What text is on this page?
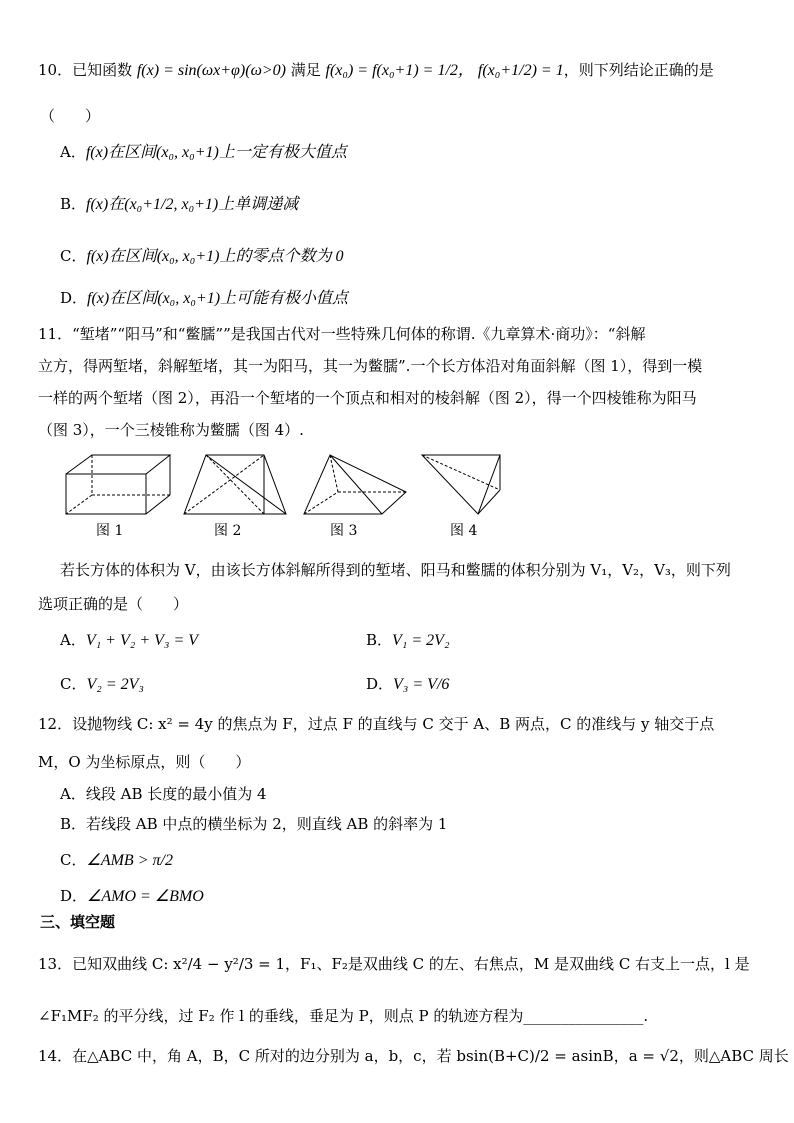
10．已知函数 f(x) = sin(ωx+φ)(ω>0) 满足 f(x₀) = f(x₀+1) = 1/2， f(x₀+1/2) = 1，则下列结论正确的是
（　　）
A．f(x)在区间(x₀, x₀+1)上一定有极大值点
B．f(x)在(x₀+1/2, x₀+1)上单调递减
C．f(x)在区间(x₀, x₀+1)上的零点个数为 0
D．f(x)在区间(x₀, x₀+1)上可能有极小值点
11．“堑堵”“阳马”和“鳖臑””是我国古代对一些特殊几何体的称谓.《九章算术·商功》：“斜解
立方，得两堑堵，斜解堑堵，其一为阳马，其一为鳖臑”.一个长方体沿对角面斜解（图 1），得到一模
一样的两个堑堵（图 2），再沿一个堑堵的一个顶点和相对的棱斜解（图 2），得一个四棱锥称为阳马
（图 3），一个三棱锥称为鳖臑（图 4）.
图 1	图 2	图 3	图 4
若长方体的体积为 V，由该长方体斜解所得到的堑堵、阳马和鳖臑的体积分别为 V₁，V₂，V₃，则下列
选项正确的是（　　）
A．V₁ + V₂ + V₃ = V	B．V₁ = 2V₂
C．V₂ = 2V₃	D．V₃ = V/6
12．设抛物线 C: x² = 4y 的焦点为 F，过点 F 的直线与 C 交于 A、B 两点，C 的准线与 y 轴交于点
M，O 为坐标原点，则（　　）
A．线段 AB 长度的最小值为 4
B．若线段 AB 中点的横坐标为 2，则直线 AB 的斜率为 1
C．∠AMB > π/2
D．∠AMO = ∠BMO
三、填空题
13．已知双曲线 C: x²/4 − y²/3 = 1，F₁、F₂是双曲线 C 的左、右焦点，M 是双曲线 C 右支上一点，l 是
∠F₁MF₂ 的平分线，过 F₂ 作 l 的垂线，垂足为 P，则点 P 的轨迹方程为________________.
14．在△ABC 中，角 A，B，C 所对的边分别为 a，b，c，若 bsin(B+C)/2 = asinB，a = √2，则△ABC 周长
